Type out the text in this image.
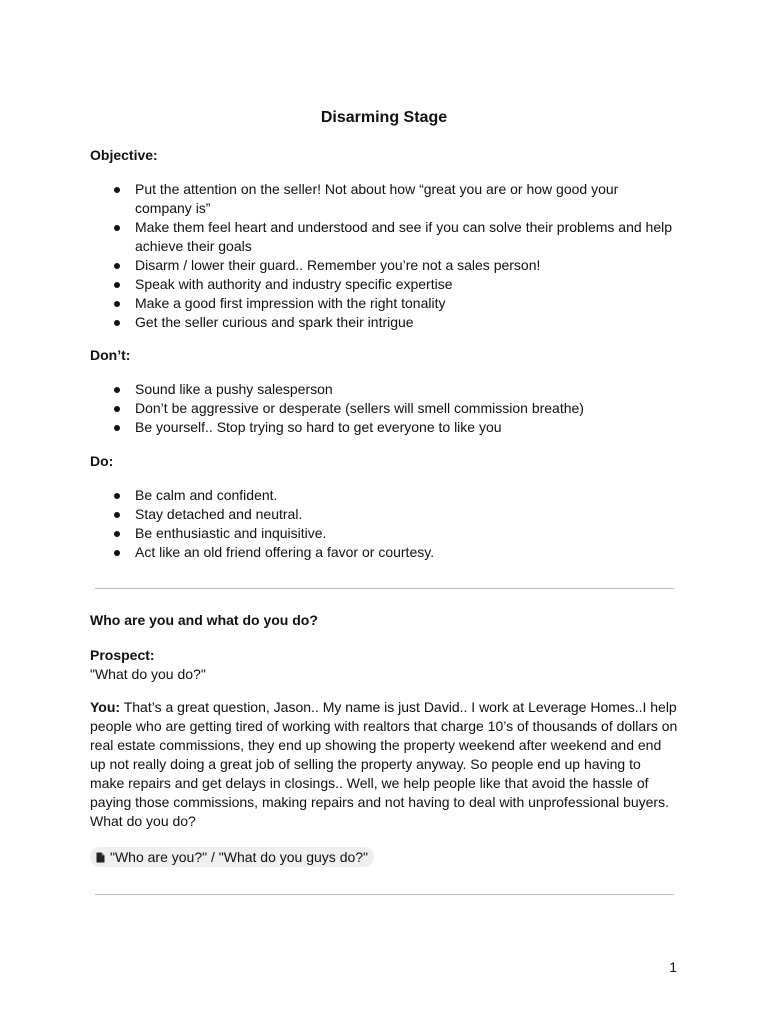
Disarming Stage
Objective:
Put the attention on the seller! Not about how “great you are or how good your company is”
Make them feel heart and understood and see if you can solve their problems and help achieve their goals
Disarm / lower their guard.. Remember you’re not a sales person!
Speak with authority and industry specific expertise
Make a good first impression with the right tonality
Get the seller curious and spark their intrigue
Don’t:
Sound like a pushy salesperson
Don’t be aggressive or desperate (sellers will smell commission breathe)
Be yourself.. Stop trying so hard to get everyone to like you
Do:
Be calm and confident.
Stay detached and neutral.
Be enthusiastic and inquisitive.
Act like an old friend offering a favor or courtesy.
Who are you and what do you do?
Prospect:
"What do you do?"
You: That’s a great question, Jason.. My name is just David.. I work at Leverage Homes..I help people who are getting tired of working with realtors that charge 10’s of thousands of dollars on real estate commissions, they end up showing the property weekend after weekend and end up not really doing a great job of selling the property anyway. So people end up having to make repairs and get delays in closings.. Well, we help people like that avoid the hassle of paying those commissions, making repairs and not having to deal with unprofessional buyers. What do you do?
"Who are you?" / "What do you guys do?"
1
